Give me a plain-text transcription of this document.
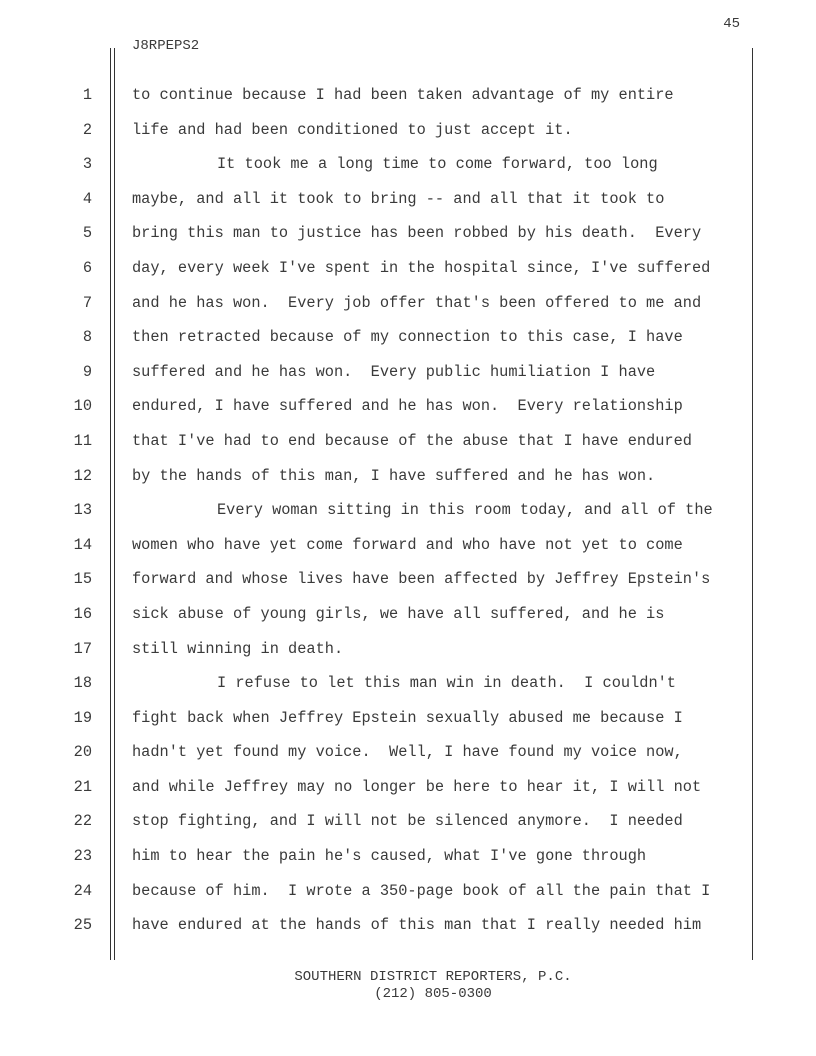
45
J8RPEPS2
1	to continue because I had been taken advantage of my entire
2	life and had been conditioned to just accept it.
3	It took me a long time to come forward, too long
4	maybe, and all it took to bring -- and all that it took to
5	bring this man to justice has been robbed by his death.  Every
6	day, every week I've spent in the hospital since, I've suffered
7	and he has won.  Every job offer that's been offered to me and
8	then retracted because of my connection to this case, I have
9	suffered and he has won.  Every public humiliation I have
10	endured, I have suffered and he has won.  Every relationship
11	that I've had to end because of the abuse that I have endured
12	by the hands of this man, I have suffered and he has won.
13	Every woman sitting in this room today, and all of the
14	women who have yet come forward and who have not yet to come
15	forward and whose lives have been affected by Jeffrey Epstein's
16	sick abuse of young girls, we have all suffered, and he is
17	still winning in death.
18	I refuse to let this man win in death.  I couldn't
19	fight back when Jeffrey Epstein sexually abused me because I
20	hadn't yet found my voice.  Well, I have found my voice now,
21	and while Jeffrey may no longer be here to hear it, I will not
22	stop fighting, and I will not be silenced anymore.  I needed
23	him to hear the pain he's caused, what I've gone through
24	because of him.  I wrote a 350-page book of all the pain that I
25	have endured at the hands of this man that I really needed him
SOUTHERN DISTRICT REPORTERS, P.C.
(212) 805-0300
